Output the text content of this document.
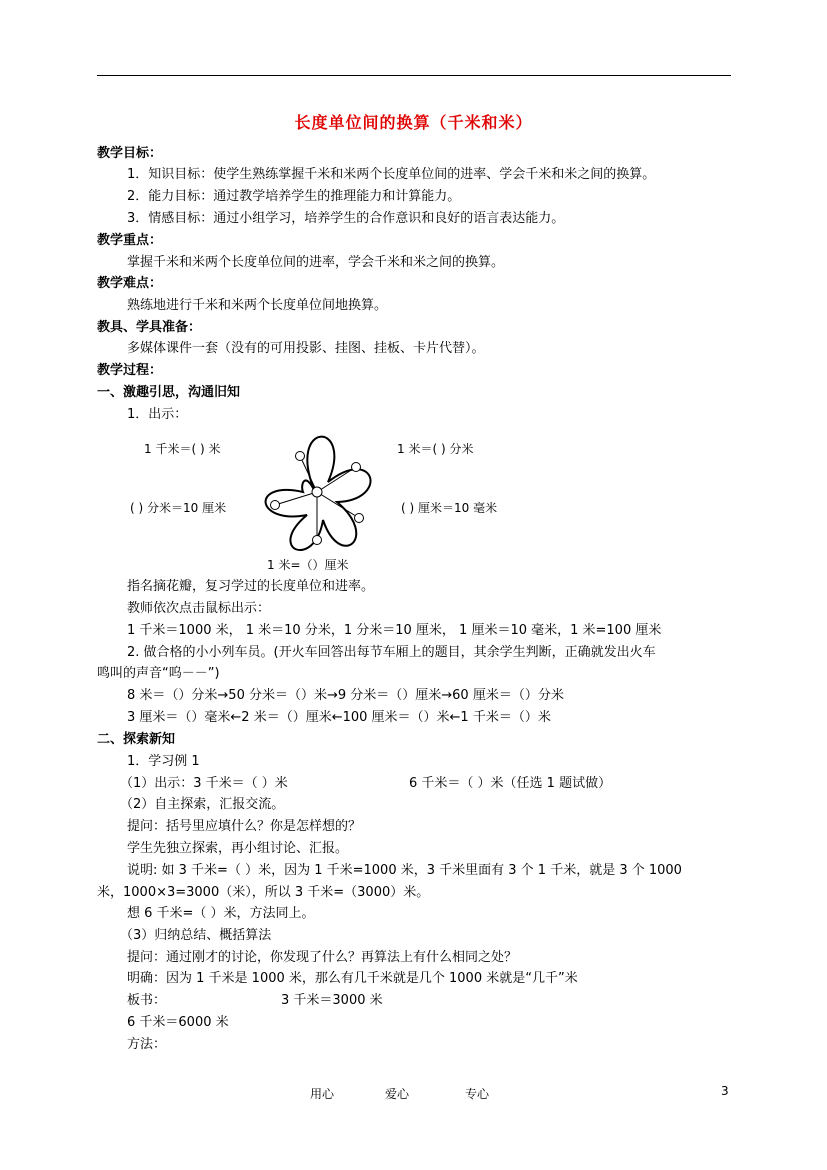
长度单位间的换算（千米和米）
教学目标：
1．知识目标：使学生熟练掌握千米和米两个长度单位间的进率、学会千米和米之间的换算。
2．能力目标：通过教学培养学生的推理能力和计算能力。
3．情感目标：通过小组学习，培养学生的合作意识和良好的语言表达能力。
教学重点：
掌握千米和米两个长度单位间的进率，学会千米和米之间的换算。
教学难点：
熟练地进行千米和米两个长度单位间地换算。
教具、学具准备：
多媒体课件一套（没有的可用投影、挂图、挂板、卡片代替）。
教学过程：
一、激趣引思，沟通旧知
1．出示：
1 千米＝( ) 米	1 米＝( ) 分米
( ) 分米＝10 厘米	( ) 厘米＝10 毫米
1 米=（）厘米
指名摘花瓣，复习学过的长度单位和进率。
教师依次点击鼠标出示：
1 千米＝1000 米， 1 米＝10 分米，1 分米＝10 厘米， 1 厘米＝10 毫米，1 米=100 厘米
2. 做合格的小小列车员。(开火车回答出每节车厢上的题目，其余学生判断，正确就发出火车
鸣叫的声音“呜－－”)
8 米＝（）分米→50 分米＝（）米→9 分米＝（）厘米→60 厘米＝（）分米
3 厘米＝（）毫米←2 米＝（）厘米←100 厘米＝（）米←1 千米＝（）米
二、探索新知
1．学习例 1
（1）出示：3 千米＝（ ）米	6 千米＝（ ）米（任选 1 题试做）
（2）自主探索，汇报交流。
提问：括号里应填什么？你是怎样想的？
学生先独立探索，再小组讨论、汇报。
说明: 如 3 千米=（ ）米，因为 1 千米=1000 米，3 千米里面有 3 个 1 千米，就是 3 个 1000
米，1000×3=3000（米），所以 3 千米=（3000）米。
想 6 千米=（ ）米，方法同上。
（3）归纳总结、概括算法
提问：通过刚才的讨论，你发现了什么？再算法上有什么相同之处？
明确：因为 1 千米是 1000 米，那么有几千米就是几个 1000 米就是“几千”米
板书：	3 千米＝3000 米
6 千米＝6000 米
方法：
用心	爱心	专心	3
